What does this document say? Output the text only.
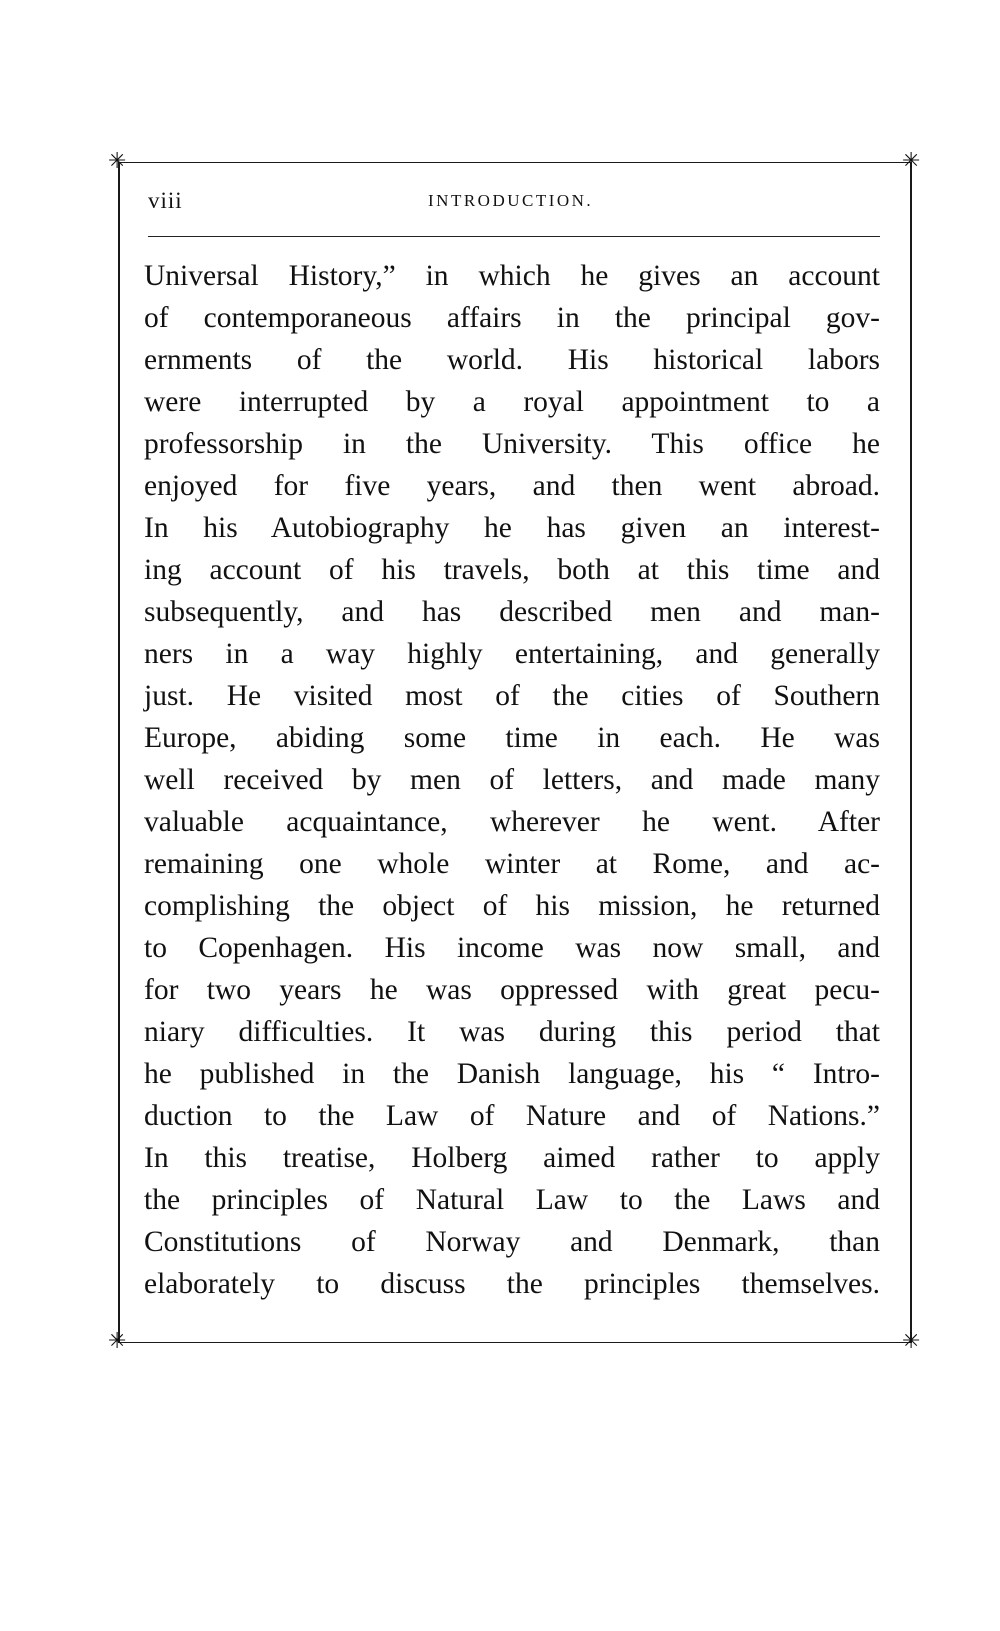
✳	✳
✳	✳
viii	INTRODUCTION.
Universal History,” in which he gives an account
of contemporaneous affairs in the principal gov-
ernments of the world. His historical labors
were interrupted by a royal appointment to a
professorship in the University. This office he
enjoyed for five years, and then went abroad.
In his Autobiography he has given an interest-
ing account of his travels, both at this time and
subsequently, and has described men and man-
ners in a way highly entertaining, and generally
just. He visited most of the cities of Southern
Europe, abiding some time in each. He was
well received by men of letters, and made many
valuable acquaintance, wherever he went. After
remaining one whole winter at Rome, and ac-
complishing the object of his mission, he returned
to Copenhagen. His income was now small, and
for two years he was oppressed with great pecu-
niary difficulties. It was during this period that
he published in the Danish language, his “ Intro-
duction to the Law of Nature and of Nations.”
In this treatise, Holberg aimed rather to apply
the principles of Natural Law to the Laws and
Constitutions of Norway and Denmark, than
elaborately to discuss the principles themselves.
